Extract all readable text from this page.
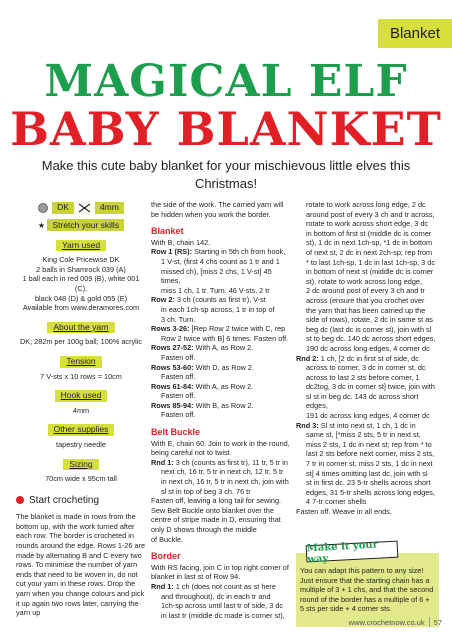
Blanket
MAGICAL ELF
BABY BLANKET
Make this cute baby blanket for your mischievous little elves this Christmas!
DK	4mm
★ Stretch your skills
Yarn used
King Cole Pricewise DK
2 balls in Shamrock 039 (A)
1 ball each in red 009 (B), white 001 (C),
black 048 (D) & gold 055 (E)
Available from www.deramores.com
About the yarn
DK; 282m per 100g ball; 100% acrylic
Tension
7 V-sts x 10 rows = 10cm
Hook used
4mm
Other supplies
tapestry needle
Sizing
70cm wide x 95cm tall
Start crocheting
The blanket is made in rows from the bottom up, with the work turned after each row. The border is crocheted in rounds around the edge. Rows 1-26 are made by alternating B and C every two rows. To minimise the number of yarn ends that need to be woven in, do not cut your yarn in these rows. Drop the yarn when you change colours and pick it up again two rows later, carrying the yarn up
the side of the work. The carried yarn will be hidden when you work the border.
Blanket
With B, chain 142.
Row 1 (RS): Starting in 5th ch from hook,
1 V-st, (first 4 chs count as 1 tr and 1
missed ch), [miss 2 chs, 1 V-st] 45 times,
miss 1 ch, 1 tr. Turn. 46 V-sts, 2 tr
Row 2: 3 ch (counts as first tr), V-st
in each 1ch-sp across, 1 tr in top of
3 ch. Turn.
Rows 3-26: [Rep Row 2 twice with C, rep
Row 2 twice with B] 6 times. Fasten off.
Rows 27-52: With A, as Row 2.
Fasten off.
Rows 53-60: With D, as Row 2.
Fasten off.
Rows 61-84: With A, as Row 2.
Fasten off.
Rows 85-94: With B, as Row 2.
Fasten off.
Belt Buckle
With E, chain 60. Join to work in the round,
being careful not to twist.
Rnd 1: 3 ch (counts as first tr), 11 tr, 5 tr in
next ch, 16 tr, 5 tr in next ch, 12 tr, 5 tr
in next ch, 16 tr, 5 tr in next ch, join with
sl st in top of beg 3 ch. 76 tr
Fasten off, leaving a long tail for sewing.
Sew Belt Buckle onto blanket over the
centre of stripe made in D, ensuring that
only D shows through the middle
of Buckle.
Border
With RS facing, join C in top right corner of
blanket in last st of Row 94.
Rnd 1: 1 ch (does not count as st here
and throughout), dc in each tr and
1ch-sp across until last tr of side, 3 dc
in last tr (middle dc made is corner st),
rotate to work across long edge, 2 dc
around post of every 3 ch and tr across,
rotate to work across short edge, 3 dc
in bottom of first st (middle dc is corner
st), 1 dc in next 1ch-sp, *1 dc in bottom
of next st, 2 dc in next 2ch-sp; rep from
* to last 1ch-sp, 1 dc in last 1ch-sp, 3 dc
in bottom of next st (middle dc is corner
st), rotate to work across long edge,
2 dc around post of every 3 ch and tr
across (ensure that you crochet over
the yarn that has been carried up the
side of rows), rotate, 2 dc in same st as
beg dc (last dc is corner st), join with sl
st to beg dc. 140 dc across short edges,
190 dc across long edges, 4 corner dc
Rnd 2: 1 ch, [2 dc in first st of side, dc
across to corner, 3 dc in corner st, dc
across to last 2 sts before corner, 1
dc2tog, 3 dc in corner st] twice, join with
sl st in beg dc. 143 dc across short edges,
191 dc across long edges, 4 corner dc
Rnd 3: Sl st into next st, 1 ch, 1 dc in
same st, [*miss 2 sts, 5 tr in next st,
miss 2 sts, 1 dc in next st; rep from * to
last 2 sts before next corner, miss 2 sts,
7 tr in corner st, miss 2 sts, 1 dc in next
st] 4 times omitting last dc, join with sl
st in first dc. 23 5-tr shells across short
edges, 31 5-tr shells across long edges,
4 7-tr corner shells
Fasten off. Weave in all ends.
Make it your way
You can adapt this pattern to any size! Just ensure that the starting chain has a multiple of 3 + 1 chs, and that the second round of the border has a multiple of 6 + 5 sts per side + 4 corner sts
www.crochetnow.co.uk 57
